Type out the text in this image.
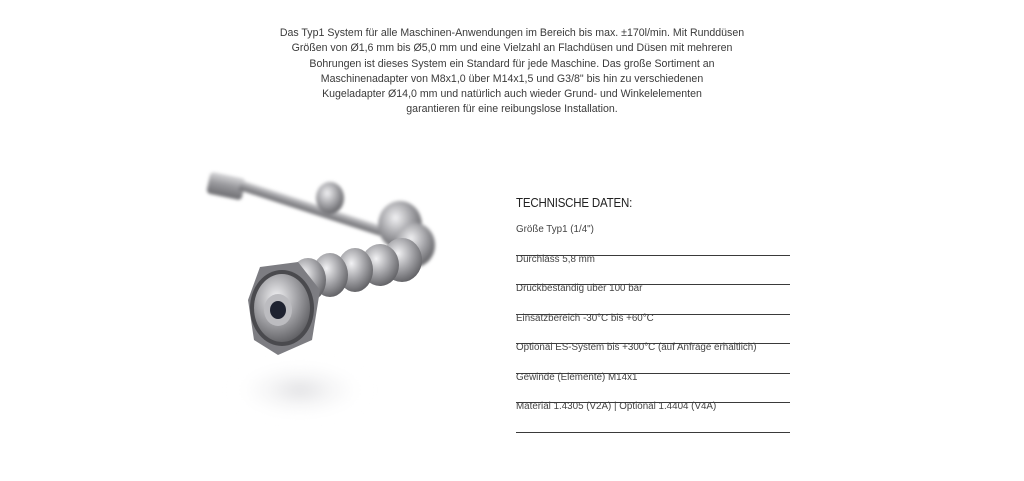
Das Typ1 System für alle Maschinen-Anwendungen im Bereich bis max. ±170l/min. Mit Runddüsen
Größen von Ø1,6 mm bis Ø5,0 mm und eine Vielzahl an Flachdüsen und Düsen mit mehreren
Bohrungen ist dieses System ein Standard für jede Maschine. Das große Sortiment an
Maschinenadapter von M8x1,0 über M14x1,5 und G3/8" bis hin zu verschiedenen
Kugeladapter Ø14,0 mm und natürlich auch wieder Grund- und Winkelelementen
garantieren für eine reibungslose Installation.
TECHNISCHE DATEN:
Größe Typ1 (1/4")
Durchlass 5,8 mm
Druckbeständig über 100 bar
Einsatzbereich -30°C bis +60°C
Optional ES-System bis +300°C (auf Anfrage erhältlich)
Gewinde (Elemente) M14x1
Material 1.4305 (V2A) | Optional 1.4404 (V4A)
